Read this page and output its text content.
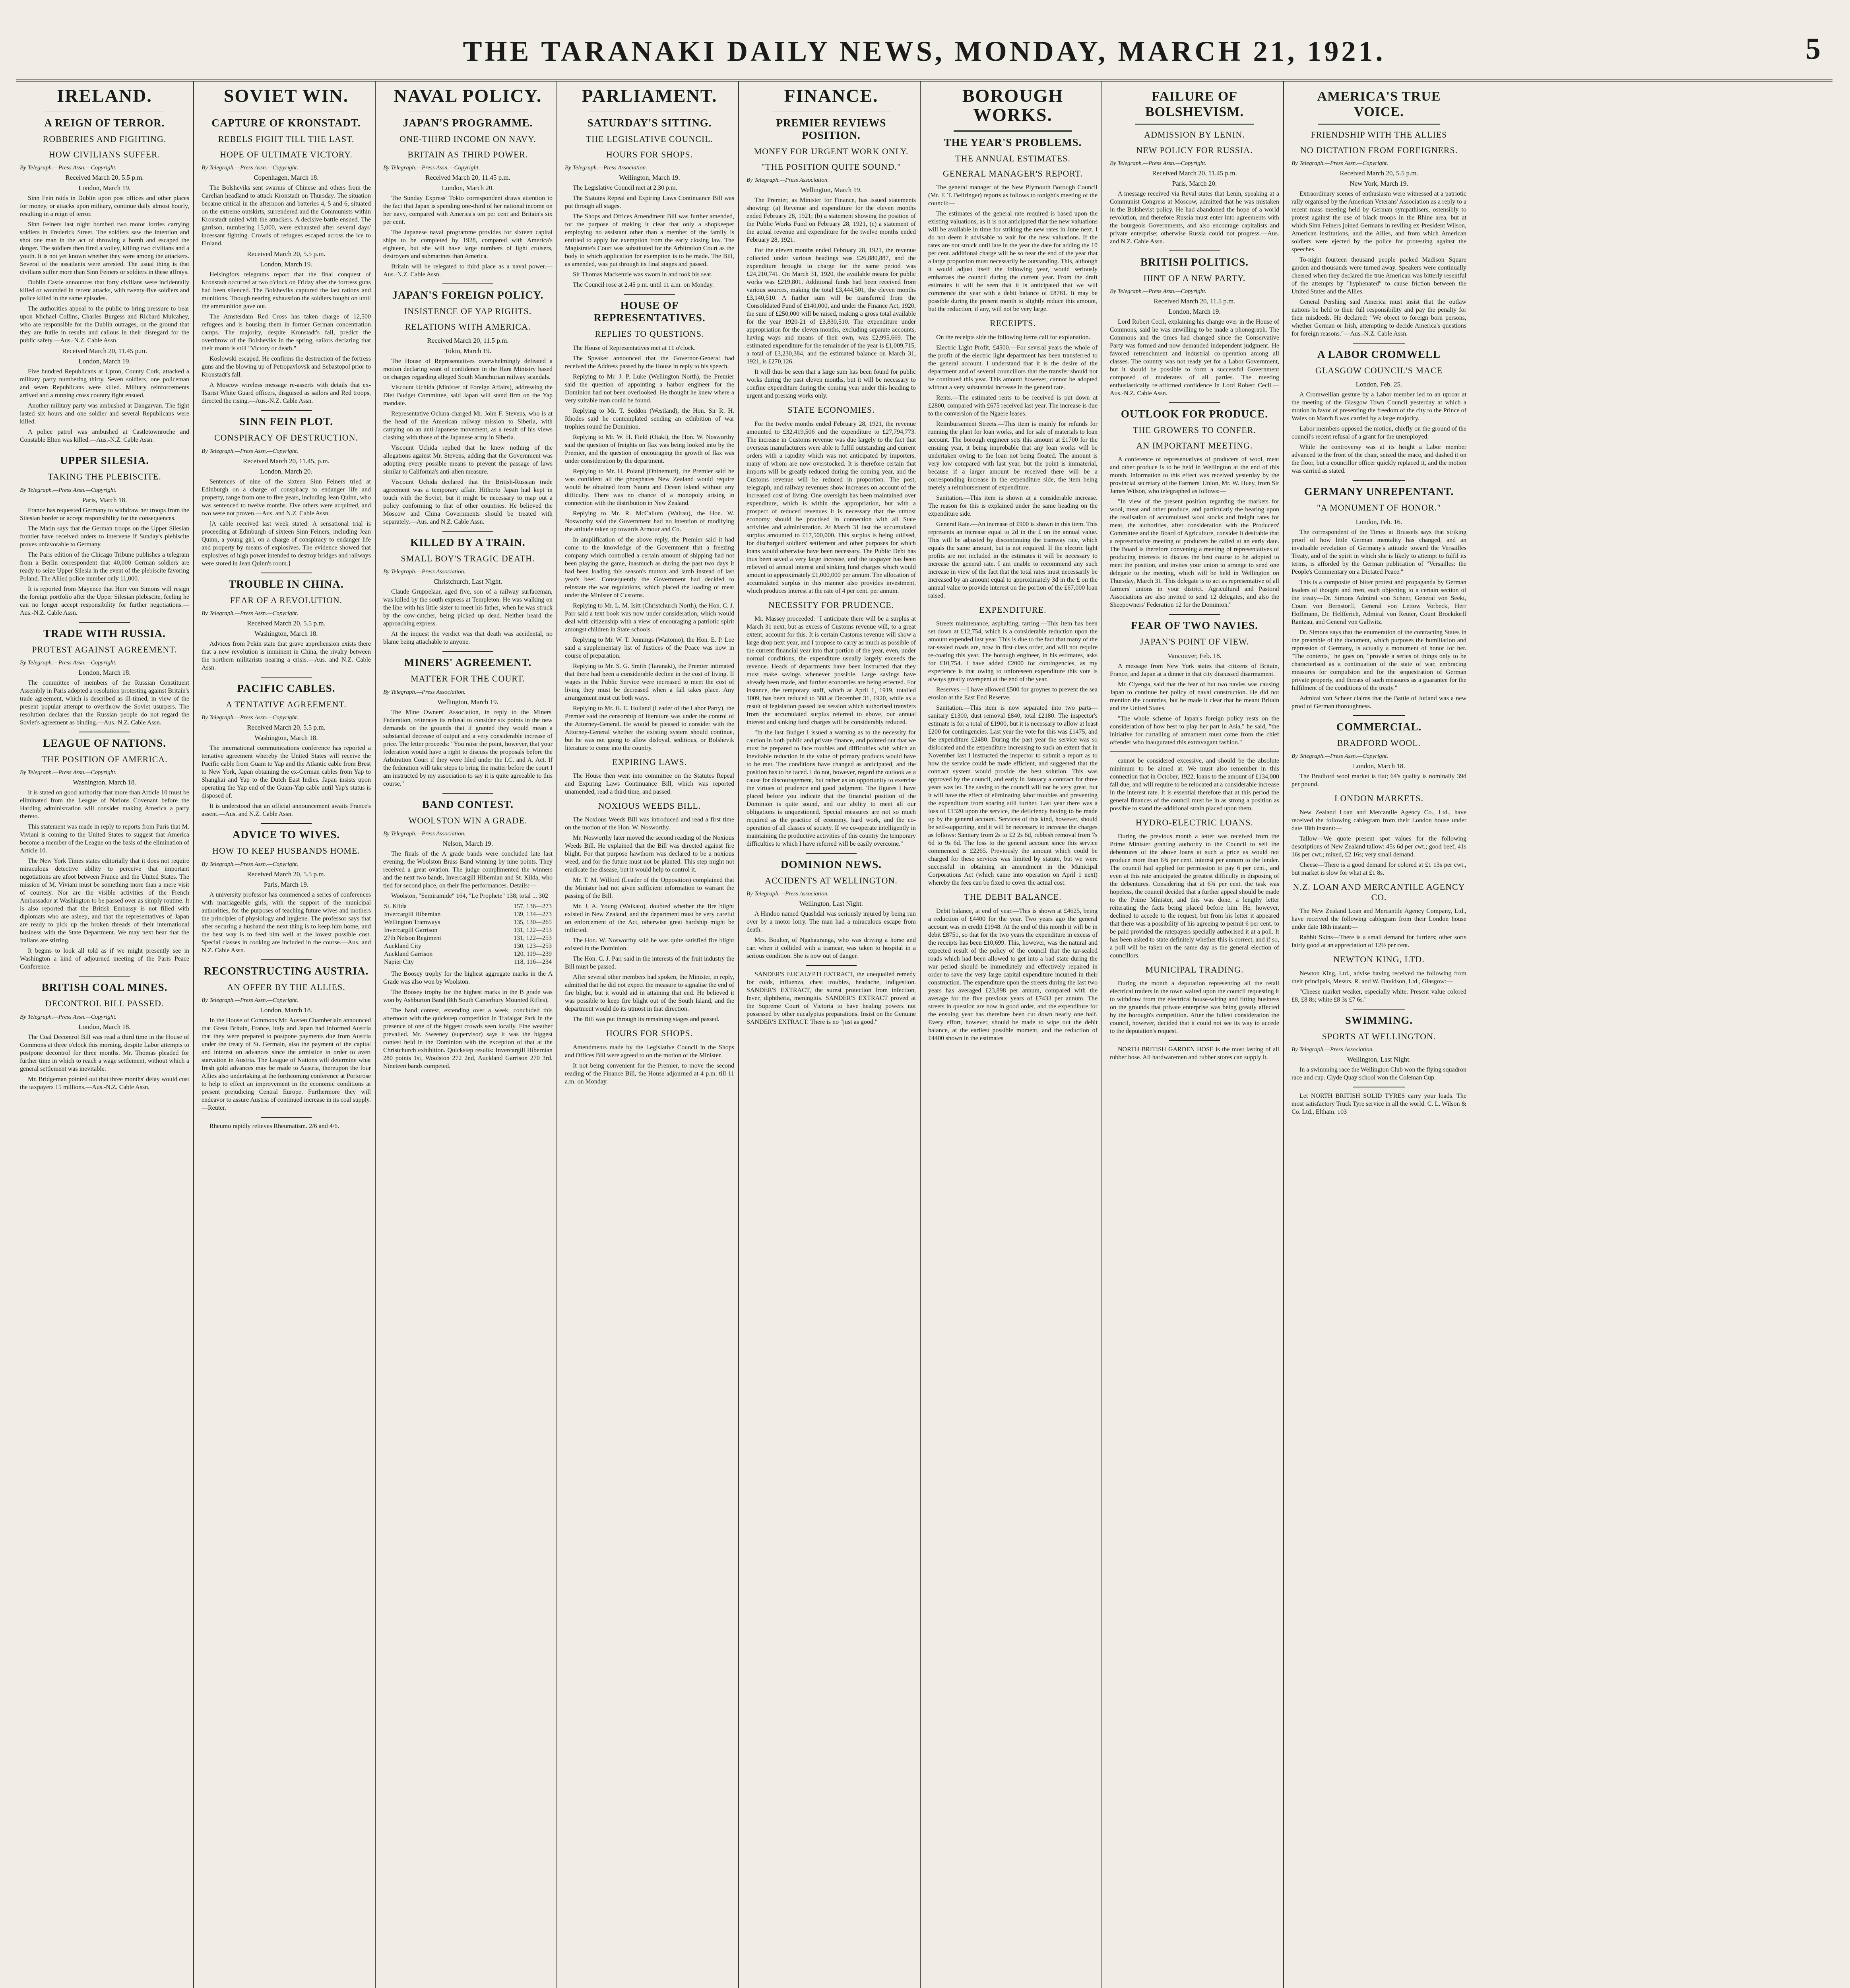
THE TARANAKI DAILY NEWS, MONDAY, MARCH 21, 1921.	5
IRELAND.
A REIGN OF TERROR.
ROBBERIES AND FIGHTING.
HOW CIVILIANS SUFFER.
By Telegraph.—Press Assn.—Copyright.
Received March 20, 5.5 p.m.
London, March 19.

Sinn Fein raids in Dublin upon post offices and other places for money, or attacks upon military, continue daily almost hourly, resulting in a reign of terror.

Sinn Feiners last night bombed two motor lorries carrying soldiers in Frederick Street. The soldiers saw the intention and shot one man in the act of throwing a bomb and escaped the danger. The soldiers then fired a volley, killing two civilians and a youth. It is not yet known whether they were among the attackers. Several of the assailants were arrested. The usual thing is that civilians suffer more than Sinn Feiners or soldiers in these affrays.

Dublin Castle announces that forty civilians were incidentally killed or wounded in recent attacks, with twenty-five soldiers and police killed in the same episodes.

The authorities appeal to the public to bring pressure to bear upon Michael Collins, Charles Burgess and Richard Mulcahey, who are responsible for the Dublin outrages, on the ground that they are futile in results and callous in their disregard for the public safety.—Aus.-N.Z. Cable Assn.

Received March 20, 11.45 p.m.
London, March 19.

Five hundred Republicans at Upton, County Cork, attacked a military party numbering thirty. Seven soldiers, one policeman and seven Republicans were killed. Military reinforcements arrived and a running cross country fight ensued.

Another military party was ambushed at Dangarvan. The fight lasted six hours and one soldier and several Republicans were killed.

A police patrol was ambushed at Castletownroche and Constable Elton was killed.—Aus.-N.Z. Cable Assn.

UPPER SILESIA.
TAKING THE PLEBISCITE.
By Telegraph.—Press Assn.—Copyright.
Paris, March 18.

France has requested Germany to withdraw her troops from the Silesian border or accept responsibility for the consequences.

The Matin says that the German troops on the Upper Silesian frontier have received orders to intervene if Sunday's plebiscite proves unfavorable to Germany.

The Paris edition of the Chicago Tribune publishes a telegram from a Berlin correspondent that 40,000 German soldiers are ready to seize Upper Silesia in the event of the plebiscite favoring Poland. The Allied police number only 11,000.

It is reported from Mayence that Herr von Simons will resign the foreign portfolio after the Upper Silesian plebiscite, feeling he can no longer accept responsibility for further negotiations.—Aus.-N.Z. Cable Assn.

TRADE WITH RUSSIA.
PROTEST AGAINST AGREEMENT.
By Telegraph.—Press Assn.—Copyright.
London, March 18.

The committee of members of the Russian Constituent Assembly in Paris adopted a resolution protesting against Britain's trade agreement, which is described as ill-timed, in view of the present popular attempt to overthrow the Soviet usurpers. The resolution declares that the Russian people do not regard the Soviet's agreement as binding.—Aus.-N.Z. Cable Assn.

LEAGUE OF NATIONS.
THE POSITION OF AMERICA.
By Telegraph.—Press Assn.—Copyright.
Washington, March 18.

It is stated on good authority that more than Article 10 must be eliminated from the League of Nations Covenant before the Harding administration will consider making America a party thereto.

This statement was made in reply to reports from Paris that M. Viviani is coming to the United States to suggest that America become a member of the League on the basis of the elimination of Article 10.

The New York Times states editorially that it does not require miraculous detective ability to perceive that important negotiations are afoot between France and the United States. The mission of M. Viviani must be something more than a mere visit of courtesy. Nor are the visible activities of the French Ambassador at Washington to be passed over as simply routine. It is also reported that the British Embassy is not filled with diplomats who are asleep, and that the representatives of Japan are ready to pick up the broken threads of their international business with the State Department. We may next hear that the Italians are stirring.

It begins to look all told as if we might presently see in Washington a kind of adjourned meeting of the Paris Peace Conference.

BRITISH COAL MINES.
DECONTROL BILL PASSED.
By Telegraph.—Press Assn.—Copyright.
London, March 18.

The Coal Decontrol Bill was read a third time in the House of Commons at three o'clock this morning, despite Labor attempts to postpone decontrol for three months. Mr. Thomas pleaded for further time in which to reach a wage settlement, without which a general settlement was inevitable.

Mr. Bridgeman pointed out that three months' delay would cost the taxpayers 15 millions.—Aus.-N.Z. Cable Assn.

SOVIET WIN.
CAPTURE OF KRONSTADT.
REBELS FIGHT TILL THE LAST.
HOPE OF ULTIMATE VICTORY.
By Telegraph.—Press Assn.—Copyright.
Copenhagen, March 18.

The Bolsheviks sent swarms of Chinese and others from the Carelian headland to attack Kronstadt on Thursday. The situation became critical in the afternoon and batteries 4, 5 and 6, situated on the extreme outskirts, surrendered and the Communists within Kronstadt united with the attackers. A decisive battle ensued. The garrison, numbering 15,000, were exhausted after several days' incessant fighting. Crowds of refugees escaped across the ice to Finland.

Received March 20, 5.5 p.m.
London, March 19.

Helsingfors telegrams report that the final conquest of Kronstadt occurred at two o'clock on Friday after the fortress guns had been silenced. The Bolsheviks captured the last rations and munitions. Though nearing exhaustion the soldiers fought on until the ammunition gave out.

The Amsterdam Red Cross has taken charge of 12,500 refugees and is housing them in former German concentration camps. The majority, despite Kronstadt's fall, predict the overthrow of the Bolsheviks in the spring, sailors declaring that their motto is still "Victory or death."

Koslowski escaped. He confirms the destruction of the fortress guns and the blowing up of Petropavlovsk and Sebastopol prior to Kronstadt's fall.

A Moscow wireless message re-asserts with details that ex-Tsarist White Guard officers, disguised as sailors and Red troops, directed the rising.—Aus.-N.Z. Cable Assn.

SINN FEIN PLOT.
CONSPIRACY OF DESTRUCTION.
By Telegraph.—Press Assn.—Copyright.
Received March 20, 11.45, p.m.
London, March 20.

Sentences of nine of the sixteen Sinn Feiners tried at Edinburgh on a charge of conspiracy to endanger life and property, range from one to five years, including Jean Quinn, who was sentenced to twelve months. Five others were acquitted, and two were not proven.—Aus. and N.Z. Cable Assn.

[A cable received last week stated: A sensational trial is proceeding at Edinburgh of sixteen Sinn Feiners, including Jean Quinn, a young girl, on a charge of conspiracy to endanger life and property by means of explosives. The evidence showed that explosives of high power intended to destroy bridges and railways were stored in Jean Quinn's room.]

TROUBLE IN CHINA.
FEAR OF A REVOLUTION.
By Telegraph.—Press Assn.—Copyright.
Received March 20, 5.5 p.m.
Washington, March 18.

Advices from Pekin state that grave apprehension exists there that a new revolution is imminent in China, the rivalry between the northern militarists nearing a crisis.—Aus. and N.Z. Cable Assn.

PACIFIC CABLES.
A TENTATIVE AGREEMENT.
By Telegraph.—Press Assn.—Copyright.
Received March 20, 5.5 p.m.
Washington, March 18.

The international communications conference has reported a tentative agreement whereby the United States will receive the Pacific cable from Guam to Yap and the Atlantic cable from Brest to New York, Japan obtaining the ex-German cables from Yap to Shanghai and Yap to the Dutch East Indies. Japan insists upon operating the Yap end of the Guam-Yap cable until Yap's status is disposed of.

It is understood that an official announcement awaits France's assent.—Aus. and N.Z. Cable Assn.

ADVICE TO WIVES.
HOW TO KEEP HUSBANDS HOME.
By Telegraph.—Press Assn.—Copyright.
Received March 20, 5.5 p.m.
Paris, March 19.

A university professor has commenced a series of conferences with marriageable girls, with the support of the municipal authorities, for the purposes of teaching future wives and mothers the principles of physiology and hygiene. The professor says that after securing a husband the next thing is to keep him home, and the best way is to feed him well at the lowest possible cost. Special classes in cooking are included in the course.—Aus. and N.Z. Cable Assn.

RECONSTRUCTING AUSTRIA.
AN OFFER BY THE ALLIES.
By Telegraph.—Press Assn.—Copyright.
London, March 18.

In the House of Commons Mr. Austen Chamberlain announced that Great Britain, France, Italy and Japan had informed Austria that they were prepared to postpone payments due from Austria under the treaty of St. Germain, also the payment of the capital and interest on advances since the armistice in order to avert starvation in Austria. The League of Nations will determine what fresh gold advances may be made to Austria, thereupon the four Allies also undertaking at the forthcoming conference at Portorose to help to effect an improvement in the economic conditions at present prejudicing Central Europe. Furthermore they will endeavor to assure Austria of continued increase in its coal supply.—Reuter.

Rheumo rapidly relieves Rheumatism. 2/6 and 4/6.

NAVAL POLICY.
JAPAN'S PROGRAMME.
ONE-THIRD INCOME ON NAVY.
BRITAIN AS THIRD POWER.
By Telegraph.—Press Assn.—Copyright.
Received March 20, 11.45 p.m.
London, March 20.

The Sunday Express' Tokio correspondent draws attention to the fact that Japan is spending one-third of her national income on her navy, compared with America's ten per cent and Britain's six per cent.

The Japanese naval programme provides for sixteen capital ships to be completed by 1928, compared with America's eighteen, but she will have large numbers of light cruisers, destroyers and submarines than America.

Britain will be relegated to third place as a naval power.—Aus.-N.Z. Cable Assn.

JAPAN'S FOREIGN POLICY.
INSISTENCE OF YAP RIGHTS.
RELATIONS WITH AMERICA.
Received March 20, 11.5 p.m.
Tokio, March 19.

The House of Representatives overwhelmingly defeated a motion declaring want of confidence in the Hara Ministry based on charges regarding alleged South Manchurian railway scandals.

Viscount Uchida (Minister of Foreign Affairs), addressing the Diet Budget Committee, said Japan will stand firm on the Yap mandate.

Representative Ochara charged Mr. John F. Stevens, who is at the head of the American railway mission to Siberia, with carrying on an anti-Japanese movement, as a result of his views clashing with those of the Japanese army in Siberia.

Viscount Uchida replied that he knew nothing of the allegations against Mr. Stevens, adding that the Government was adopting every possible means to prevent the passage of laws similar to California's anti-alien measure.

Viscount Uchida declared that the British-Russian trade agreement was a temporary affair. Hitherto Japan had kept in touch with the Soviet, but it might be necessary to map out a policy conforming to that of other countries. He believed the Moscow and China Governments should be treated with separately.—Aus. and N.Z. Cable Assn.

KILLED BY A TRAIN.
SMALL BOY'S TRAGIC DEATH.
By Telegraph.—Press Association.
Christchurch, Last Night.

Claude Gruppelaar, aged five, son of a railway surfaceman, was killed by the south express at Templeton. He was walking on the line with his little sister to meet his father, when he was struck by the cow-catcher, being picked up dead. Neither heard the approaching express.

At the inquest the verdict was that death was accidental, no blame being attachable to anyone.

MINERS' AGREEMENT.
MATTER FOR THE COURT.
By Telegraph.—Press Association.
Wellington, March 19.

The Mine Owners' Association, in reply to the Miners' Federation, reiterates its refusal to consider six points in the new demands on the grounds that if granted they would mean a substantial decrease of output and a very considerable increase of price. The letter proceeds: "You raise the point, however, that your federation would have a right to discuss the proposals before the Arbitration Court if they were filed under the I.C. and A. Act. If the federation will take steps to bring the matter before the court I am instructed by my association to say it is quite agreeable to this course."

BAND CONTEST.
WOOLSTON WIN A GRADE.
By Telegraph.—Press Association.
Nelson, March 19.

The finals of the A grade bands were concluded late last evening, the Woolston Brass Band winning by nine points. They received a great ovation. The judge complimented the winners and the next two bands, Invercargill Hibernian and St. Kilda, who tied for second place, on their fine performances. Details:—

Woolston, "Semiramide" 164, "Le Prophete" 138; total ... 302

St. Kilda	157, 136—273
Invercargill Hibernian	139, 134—273
Wellington Tramways	135, 130—265
Invercargill Garrison	131, 122—253
27th Nelson Regiment	131, 122—253
Auckland City	130, 123—253
Auckland Garrison	120, 119—239
Napier City	118, 116—234

The Boosey trophy for the highest aggregate marks in the A Grade was also won by Woolston.

The Boosey trophy for the highest marks in the B grade was won by Ashburton Band (8th South Canterbury Mounted Rifles).

The band contest, extending over a week, concluded this afternoon with the quickstep competition in Trafalgar Park in the presence of one of the biggest crowds seen locally. Fine weather prevailed. Mr. Sweeney (supervisor) says it was the biggest contest held in the Dominion with the exception of that at the Christchurch exhibition. Quickstep results: Invercargill Hibernian 280 points 1st, Woolston 272 2nd, Auckland Garrison 270 3rd. Nineteen bands competed.

PARLIAMENT.
SATURDAY'S SITTING.
THE LEGISLATIVE COUNCIL.
HOURS FOR SHOPS.
By Telegraph.—Press Association.
Wellington, March 19.

The Legislative Council met at 2.30 p.m.

The Statutes Repeal and Expiring Laws Continuance Bill was put through all stages.

The Shops and Offices Amendment Bill was further amended, for the purpose of making it clear that only a shopkeeper employing no assistant other than a member of the family is entitled to apply for exemption from the early closing law. The Magistrate's Court was substituted for the Arbitration Court as the body to which application for exemption is to be made. The Bill, as amended, was put through its final stages and passed.

Sir Thomas Mackenzie was sworn in and took his seat.

The Council rose at 2.45 p.m. until 11 a.m. on Monday.

HOUSE OF REPRESENTATIVES.
REPLIES TO QUESTIONS.

The House of Representatives met at 11 o'clock.

The Speaker announced that the Governor-General had received the Address passed by the House in reply to his speech.

Replying to Mr. J. P. Luke (Wellington North), the Premier said the question of appointing a harbor engineer for the Dominion had not been overlooked. He thought he knew where a very suitable man could be found.

Replying to Mr. T. Seddon (Westland), the Hon. Sir R. H. Rhodes said he contemplated sending an exhibition of war trophies round the Dominion.

Replying to Mr. W. H. Field (Otaki), the Hon. W. Nosworthy said the question of freights on flax was being looked into by the Premier, and the question of encouraging the growth of flax was under consideration by the department.

Replying to Mr. H. Poland (Ohinemuri), the Premier said he was confident all the phosphates New Zealand would require would be obtained from Nauru and Ocean Island without any difficulty. There was no chance of a monopoly arising in connection with the distribution in New Zealand.

Replying to Mr. R. McCallum (Wairau), the Hon. W. Nosworthy said the Government had no intention of modifying the attitude taken up towards Armour and Co.

In amplification of the above reply, the Premier said it had come to the knowledge of the Government that a freezing company which controlled a certain amount of shipping had not been playing the game, inasmuch as during the past two days it had been loading this season's mutton and lamb instead of last year's beef. Consequently the Government had decided to reinstate the war regulations, which placed the loading of meat under the Minister of Customs.

Replying to Mr. L. M. Isitt (Christchurch North), the Hon. C. J. Parr said a text book was now under consideration, which would deal with citizenship with a view of encouraging a patriotic spirit amongst children in State schools.

Replying to Mr. W. T. Jennings (Waitomo), the Hon. E. P. Lee said a supplementary list of Justices of the Peace was now in course of preparation.

Replying to Mr. S. G. Smith (Taranaki), the Premier intimated that there had been a considerable decline in the cost of living. If wages in the Public Service were increased to meet the cost of living they must be decreased when a fall takes place. Any arrangement must cut both ways.

Replying to Mr. H. E. Holland (Leader of the Labor Party), the Premier said the censorship of literature was under the control of the Attorney-General. He would be pleased to consider with the Attorney-General whether the existing system should continue, but he was not going to allow disloyal, seditious, or Bolshevik literature to come into the country.

EXPIRING LAWS.

The House then went into committee on the Statutes Repeal and Expiring Laws Continuance Bill, which was reported unamended, read a third time, and passed.

NOXIOUS WEEDS BILL.

The Noxious Weeds Bill was introduced and read a first time on the motion of the Hon. W. Nosworthy.

Mr. Nosworthy later moved the second reading of the Noxious Weeds Bill. He explained that the Bill was directed against fire blight. For that purpose hawthorn was declared to be a noxious weed, and for the future must not be planted. This step might not eradicate the disease, but it would help to control it.

Mr. T. M. Wilford (Leader of the Opposition) complained that the Minister had not given sufficient information to warrant the passing of the Bill.

Mr. J. A. Young (Waikato), doubted whether the fire blight existed in New Zealand, and the department must be very careful on enforcement of the Act, otherwise great hardship might be inflicted.

The Hon. W. Nosworthy said he was quite satisfied fire blight existed in the Dominion.

The Hon. C. J. Parr said in the interests of the fruit industry the Bill must be passed.

After several other members had spoken, the Minister, in reply, admitted that he did not expect the measure to signalise the end of fire blight, but it would aid in attaining that end. He believed it was possible to keep fire blight out of the South Island, and the department would do its utmost in that direction.

The Bill was put through its remaining stages and passed.

HOURS FOR SHOPS.

Amendments made by the Legislative Council in the Shops and Offices Bill were agreed to on the motion of the Minister.

It not being convenient for the Premier, to move the second reading of the Finance Bill, the House adjourned at 4 p.m. till 11 a.m. on Monday.

FINANCE.
PREMIER REVIEWS POSITION.
MONEY FOR URGENT WORK ONLY.
"THE POSITION QUITE SOUND."
By Telegraph.—Press Association.
Wellington, March 19.

The Premier, as Minister for Finance, has issued statements showing: (a) Revenue and expenditure for the eleven months ended February 28, 1921; (b) a statement showing the position of the Public Works Fund on February 28, 1921, (c) a statement of the actual revenue and expenditure for the twelve months ended February 28, 1921.

For the eleven months ended February 28, 1921, the revenue collected under various headings was £26,880,887, and the expenditure brought to charge for the same period was £24,210,741. On March 31, 1920, the available means for public works was £219,801. Additional funds had been received from various sources, making the total £3,444,501, the eleven months £3,140,510. A further sum will be transferred from the Consolidated Fund of £140,000, and under the Finance Act, 1920, the sum of £250,000 will be raised, making a gross total available for the year 1920-21 of £3,830,510. The expenditure under appropriation for the eleven months, excluding separate accounts, having ways and means of their own, was £2,995,669. The estimated expenditure for the remainder of the year is £1,009,715, a total of £3,230,384, and the estimated balance on March 31, 1921, is £270,126.

It will thus be seen that a large sum has been found for public works during the past eleven months, but it will be necessary to confine expenditure during the coming year under this heading to urgent and pressing works only.

STATE ECONOMIES.

For the twelve months ended February 28, 1921, the revenue amounted to £32,419,506 and the expenditure to £27,794,773. The increase in Customs revenue was due largely to the fact that overseas manufacturers were able to fulfil outstanding and current orders with a rapidity which was not anticipated by importers, many of whom are now overstocked. It is therefore certain that imports will be greatly reduced during the coming year, and the Customs revenue will be reduced in proportion. The post, telegraph, and railway revenues show increases on account of the increased cost of living. One oversight has been maintained over expenditure, which is within the appropriation, but with a prospect of reduced revenues it is necessary that the utmost economy should be practised in connection with all State activities and administration. At March 31 last the accumulated surplus amounted to £17,500,000. This surplus is being utilised, for discharged soldiers' settlement and other purposes for which loans would otherwise have been necessary. The Public Debt has thus been saved a very large increase, and the taxpayer has been relieved of annual interest and sinking fund charges which would amount to approximately £1,000,000 per annum. The allocation of accumulated surplus in this manner also provides investment, which produces interest at the rate of 4 per cent. per annum.

NECESSITY FOR PRUDENCE.

Mr. Massey proceeded: "I anticipate there will be a surplus at March 31 next, but as excess of Customs revenue will, to a great extent, account for this. It is certain Customs revenue will show a large drop next year, and I propose to carry as much as possible of the current financial year into that portion of the year, even, under normal conditions, the expenditure usually largely exceeds the revenue. Heads of departments have been instructed that they must make savings whenever possible. Large savings have already been made, and further economies are being effected. For instance, the temporary staff, which at April 1, 1919, totalled 1009, has been reduced to 388 at December 31, 1920, while as a result of legislation passed last session which authorised transfers from the accumulated surplus referred to above, our annual interest and sinking fund charges will be considerably reduced.

"In the last Budget I issued a warning as to the necessity for caution in both public and private finance, and pointed out that we must be prepared to face troubles and difficulties with which an inevitable reduction in the value of primary products would have to be met. The conditions have changed as anticipated, and the position has to be faced. I do not, however, regard the outlook as a cause for discouragement, but rather as an opportunity to exercise the virtues of prudence and good judgment. The figures I have placed before you indicate that the financial position of the Dominion is quite sound, and our ability to meet all our obligations is unquestioned. Special measures are not so much required as the practice of economy, hard work, and the co-operation of all classes of society. If we co-operate intelligently in maintaining the productive activities of this country the temporary difficulties to which I have referred will be easily overcome."

DOMINION NEWS.
ACCIDENTS AT WELLINGTON.
By Telegraph.—Press Association.
Wellington, Last Night.

A Hindoo named Quashdal was seriously injured by being run over by a motor lorry. The man had a miraculous escape from death.

Mrs. Boulter, of Ngahauranga, who was driving a horse and cart when it collided with a tramcar, was taken to hospital in a serious condition. She is now out of danger.

SANDER'S EUCALYPTI EXTRACT, the unequalled remedy for colds, influenza, chest troubles, headache, indigestion. SANDER'S EXTRACT, the surest protection from infection, fever, diphtheria, meningitis. SANDER'S EXTRACT proved at the Supreme Court of Victoria to have healing powers not possessed by other eucalyptus preparations. Insist on the Genuine SANDER'S EXTRACT. There is no "just as good."

BOROUGH WORKS.
THE YEAR'S PROBLEMS.
THE ANNUAL ESTIMATES.
GENERAL MANAGER'S REPORT.

The general manager of the New Plymouth Borough Council (Mr. F. T. Bellringer) reports as follows to tonight's meeting of the council:—

The estimates of the general rate required is based upon the existing valuations, as it is not anticipated that the new valuations will be available in time for striking the new rates in June next. I do not deem it advisable to wait for the new valuations. If the rates are not struck until late in the year the date for adding the 10 per cent. additional charge will be so near the end of the year that a large proportion must necessarily be outstanding. This, although it would adjust itself the following year, would seriously embarrass the council during the current year. From the draft estimates it will be seen that it is anticipated that we will commence the year with a debit balance of £8761. It may be possible during the present month to slightly reduce this amount, but the reduction, if any, will not be very large.

RECEIPTS.

On the receipts side the following items call for explanation.

Electric Light Profit, £4500.—For several years the whole of the profit of the electric light department has been transferred to the general account. I understand that it is the desire of the department and of several councillors that the transfer should not be continued this year. This amount however, cannot be adopted without a very substantial increase in the general rate.

Rents.—The estimated rents to be received is put down at £2800, compared with £675 received last year. The increase is due to the conversion of the Ngaere leases.

Reimbursement Streets.—This item is mainly for refunds for running the plant for loan works, and for sale of materials to loan account. The borough engineer sets this amount at £1700 for the ensuing year, it being improbable that any loan works will be undertaken owing to the loan not being floated. The amount is very low compared with last year, but the point is immaterial, because if a larger amount be received there will be a corresponding increase in the expenditure side, the item being merely a reimbursement of expenditure.

Sanitation.—This item is shown at a considerable increase. The reason for this is explained under the same heading on the expenditure side.

General Rate.—An increase of £900 is shown in this item. This represents an increase equal to 2d in the £ on the annual value. This will be adjusted by discontinuing the tramway rate, which equals the same amount, but is not required. If the electric light profits are not included in the estimates it will be necessary to increase the general rate. I am unable to recommend any such increase in view of the fact that the total rates must necessarily be increased by an amount equal to approximately 3d in the £ on the annual value to provide interest on the portion of the £67,000 loan raised.

EXPENDITURE.

Streets maintenance, asphalting, tarring.—This item has been set down at £12,754, which is a considerable reduction upon the amount expended last year. This is due to the fact that many of the tar-sealed roads are, now in first-class order, and will not require re-coating this year. The borough engineer, in his estimates, asks for £10,754. I have added £2000 for contingencies, as my experience is that owing to unforeseen expenditure this vote is always greatly overspent at the end of the year.

Reserves.—I have allowed £500 for groynes to prevent the sea erosion at the East End Reserve.

Sanitation.—This item is now separated into two parts—sanitary £1300, dust removal £840, total £2180. The inspector's estimate is for a total of £1900, but it is necessary to allow at least £200 for contingencies. Last year the vote for this was £1475, and the expenditure £2480. During the past year the service was so dislocated and the expenditure increasing to such an extent that in November last I instructed the inspector to submit a report as to how the service could be made efficient, and suggested that the contract system would provide the best solution. This was approved by the council, and early in January a contract for three years was let. The saving to the council will not be very great, but it will have the effect of eliminating labor troubles and preventing the expenditure from soaring still further. Last year there was a loss of £1320 upon the service, the deficiency having to be made up by the general account. Services of this kind, however, should be self-supporting, and it will be necessary to increase the charges as follows: Sanitary from 2s to £2 2s 6d, rubbish removal from 7s 6d to 9s 6d. The loss to the general account since this service commenced is £2265. Previously the amount which could be charged for these services was limited by statute, but we were successful in obtaining an amendment in the Municipal Corporations Act (which came into operation on April 1 next) whereby the fees can be fixed to cover the actual cost.

THE DEBIT BALANCE.

Debit balance, at end of year.—This is shown at £4625, being a reduction of £4400 for the year. Two years ago the general account was in credit £1948. At the end of this month it will be in debit £8751, so that for the two years the expenditure in excess of the receipts has been £10,699. This, however, was the natural and expected result of the policy of the council that the tar-sealed roads which had been allowed to get into a bad state during the war period should be immediately and effectively repaired in order to save the very large capital expenditure incurred in their construction. The expenditure upon the streets during the last two years has averaged £23,898 per annum, compared with the average for the five previous years of £7433 per annum. The streets in question are now in good order, and the expenditure for the ensuing year has therefore been cut down nearly one half. Every effort, however, should be made to wipe out the debit balance, at the earliest possible moment, and the reduction of £4400 shown in the estimates

FAILURE OF BOLSHEVISM.
ADMISSION BY LENIN.
NEW POLICY FOR RUSSIA.
By Telegraph.—Press Assn.—Copyright.
Received March 20, 11.45 p.m.
Paris, March 20.

A message received via Reval states that Lenin, speaking at a Communist Congress at Moscow, admitted that he was mistaken in the Bolshevist policy. He had abandoned the hope of a world revolution, and therefore Russia must enter into agreements with the bourgeois Governments, and also encourage capitalists and private enterprise; otherwise Russia could not progress.—Aus. and N.Z. Cable Assn.

BRITISH POLITICS.
HINT OF A NEW PARTY.
By Telegraph.—Press Assn.—Copyright.
Received March 20, 11.5 p.m.
London, March 19.

Lord Robert Cecil, explaining his change over in the House of Commons, said he was unwilling to be made a phonograph. The Commons and the times had changed since the Conservative Party was formed and now demanded independent judgment. He favored retrenchment and industrial co-operation among all classes. The country was not ready yet for a Labor Government, but it should be possible to form a successful Government composed of moderates of all parties. The meeting enthusiastically re-affirmed confidence in Lord Robert Cecil.—Aus.-N.Z. Cable Assn.

OUTLOOK FOR PRODUCE.
THE GROWERS TO CONFER.
AN IMPORTANT MEETING.

A conference of representatives of producers of wool, meat and other produce is to be held in Wellington at the end of this month. Information to this effect was received yesterday by the provincial secretary of the Farmers' Union, Mr. W. Huey, from Sir James Wilson, who telegraphed as follows:—

"In view of the present position regarding the markets for wool, meat and other produce, and particularly the bearing upon the realisation of accumulated wool stocks and freight rates for meat, the authorities, after consideration with the Producers' Committee and the Board of Agriculture, consider it desirable that a representative meeting of producers be called at an early date. The Board is therefore convening a meeting of representatives of producing interests to discuss the best course to be adopted to meet the position, and invites your union to arrange to send one delegate to the meeting, which will be held in Wellington on Thursday, March 31. This delegate is to act as representative of all farmers' unions in your district. Agricultural and Pastoral Associations are also invited to send 12 delegates, and also the Sheepowners' Federation 12 for the Dominion."

FEAR OF TWO NAVIES.
JAPAN'S POINT OF VIEW.
Vancouver, Feb. 18.

A message from New York states that citizens of Britain, France, and Japan at a dinner in that city discussed disarmament.

Mr. Ciyenga, said that the fear of but two navies was causing Japan to continue her policy of naval construction. He did not mention the countries, but he made it clear that he meant Britain and the United States.

"The whole scheme of Japan's foreign policy rests on the consideration of how best to play her part in Asia," he said, "the initiative for curtailing of armament must come from the chief offender who inaugurated this extravagant fashion."

cannot be considered excessive, and should be the absolute minimum to be aimed at. We must also remember in this connection that in October, 1922, loans to the amount of £134,000 fall due, and will require to be relocated at a considerable increase in the interest rate. It is essential therefore that at this period the general finances of the council must be in as strong a position as possible to stand the additional strain placed upon them.

HYDRO-ELECTRIC LOANS.

During the previous month a letter was received from the Prime Minister granting authority to the Council to sell the debentures of the above loans at such a price as would not produce more than 6¾ per cent. interest per annum to the lender. The council had applied for permission to pay 6 per cent., and even at this rate anticipated the greatest difficulty in disposing of the debentures. Considering that at 6¾ per cent. the task was hopeless, the council decided that a further appeal should be made to the Prime Minister, and this was done, a lengthy letter reiterating the facts being placed before him. He, however, declined to accede to the request, but from his letter it appeared that there was a possibility of his agreeing to permit 6 per cent. to be paid provided the ratepayers specially authorised it at a poll. It has been asked to state definitely whether this is correct, and if so, a poll will be taken on the same day as the general election of councillors.

MUNICIPAL TRADING.

During the month a deputation representing all the retail electrical traders in the town waited upon the council requesting it to withdraw from the electrical house-wiring and fitting business on the grounds that private enterprise was being greatly affected by the borough's competition. After the fullest consideration the council, however, decided that it could not see its way to accede to the deputation's request.

NORTH BRITISH GARDEN HOSE is the most lasting of all rubber hose. All hardwaremen and rubber stores can supply it.

AMERICA'S TRUE VOICE.
FRIENDSHIP WITH THE ALLIES
NO DICTATION FROM FOREIGNERS.
By Telegraph.—Press Assn.—Copyright.
Received March 20, 5.5 p.m.
New York, March 19.

Extraordinary scenes of enthusiasm were witnessed at a patriotic rally organised by the American Veterans' Association as a reply to a recent mass meeting held by German sympathisers, ostensibly to protest against the use of black troops in the Rhine area, but at which Sinn Feiners joined Germans in reviling ex-President Wilson, American institutions, and the Allies, and from which American soldiers were ejected by the police for protesting against the speeches.

To-night fourteen thousand people packed Madison Square garden and thousands were turned away. Speakers were continually cheered when they declared the true American was bitterly resentful of the attempts by "hyphenated" to cause friction between the United States and the Allies.

General Pershing said America must insist that the outlaw nations be held to their full responsibility and pay the penalty for their misdeeds. He declared: "We object to foreign born persons, whether German or Irish, attempting to decide America's questions for foreign reasons."—Aus.-N.Z. Cable Assn.

A LABOR CROMWELL
GLASGOW COUNCIL'S MACE
London, Feb. 25.

A Cromwellian gesture by a Labor member led to an uproar at the meeting of the Glasgow Town Council yesterday at which a motion in favor of presenting the freedom of the city to the Prince of Wales on March 8 was carried by a large majority.

Labor members opposed the motion, chiefly on the ground of the council's recent refusal of a grant for the unemployed.

While the controversy was at its height a Labor member advanced to the front of the chair, seized the mace, and dashed it on the floor, but a councillor officer quickly replaced it, and the motion was carried as stated.

GERMANY UNREPENTANT.
"A MONUMENT OF HONOR."
London, Feb. 16.

The correspondent of the Times at Brussels says that striking proof of how little German mentality has changed, and an invaluable revelation of Germany's attitude toward the Versailles Treaty, and of the spirit in which she is likely to attempt to fulfil its terms, is afforded by the German publication of "Versailles: the People's Commentary on a Dictated Peace."

This is a composite of bitter protest and propaganda by German leaders of thought and men, each objecting to a certain section of the treaty—Dr. Simons Admiral von Scheer, General von Seekt, Count von Bernstorff, General von Lettow Vorbeck, Herr Hoffmann, Dr. Helfferich, Admiral von Reuter, Count Brockdorff Rantzau, and General von Gallwitz.

Dr. Simons says that the enumeration of the contracting States in the preamble of the document, which purposes the humiliation and repression of Germany, is actually a monument of honor for her. "The contents," he goes on, "provide a series of things only to be characterised as a continuation of the state of war, embracing measures for compulsion and for the sequestration of German private property, and threats of such measures as a guarantee for the fulfilment of the conditions of the treaty."

Admiral von Scheer claims that the Battle of Jutland was a new proof of German thoroughness.

COMMERCIAL.
BRADFORD WOOL.
By Telegraph.—Press Assn.—Copyright.
London, March 18.

The Bradford wool market is flat; 64's quality is nominally 39d per pound.

LONDON MARKETS.

New Zealand Loan and Mercantile Agency Co., Ltd., have received the following cablegram from their London house under date 18th instant:—

Tallow—We quote present spot values for the following descriptions of New Zealand tallow: 45s 6d per cwt.; good beef, 41s 16s per cwt.; mixed, £2 16s; very small demand.

Cheese—There is a good demand for colored at £1 13s per cwt., but market is slow for what at £1 8s.

N.Z. LOAN AND MERCANTILE AGENCY CO.

The New Zealand Loan and Mercantile Agency Company, Ltd., have received the following cablegram from their London house under date 18th instant:—

Rabbit Skins—There is a small demand for furriers; other sorts fairly good at an appreciation of 12½ per cent.

NEWTON KING, LTD.

Newton King, Ltd., advise having received the following from their principals, Messrs. R. and W. Davidson, Ltd., Glasgow:—

"Cheese market weaker, especially white. Present value colored £8, £8 8s; white £8 3s £7 6s."

SWIMMING.
SPORTS AT WELLINGTON.
By Telegraph.—Press Association.
Wellington, Last Night.

In a swimming race the Wellington Club won the flying squadron race and cup. Clyde Quay school won the Coleman Cup.

Let NORTH BRITISH SOLID TYRES carry your loads. The most satisfactory Truck Tyre service in all the world. C. L. Wilson & Co. Ltd., Eltham. 103
